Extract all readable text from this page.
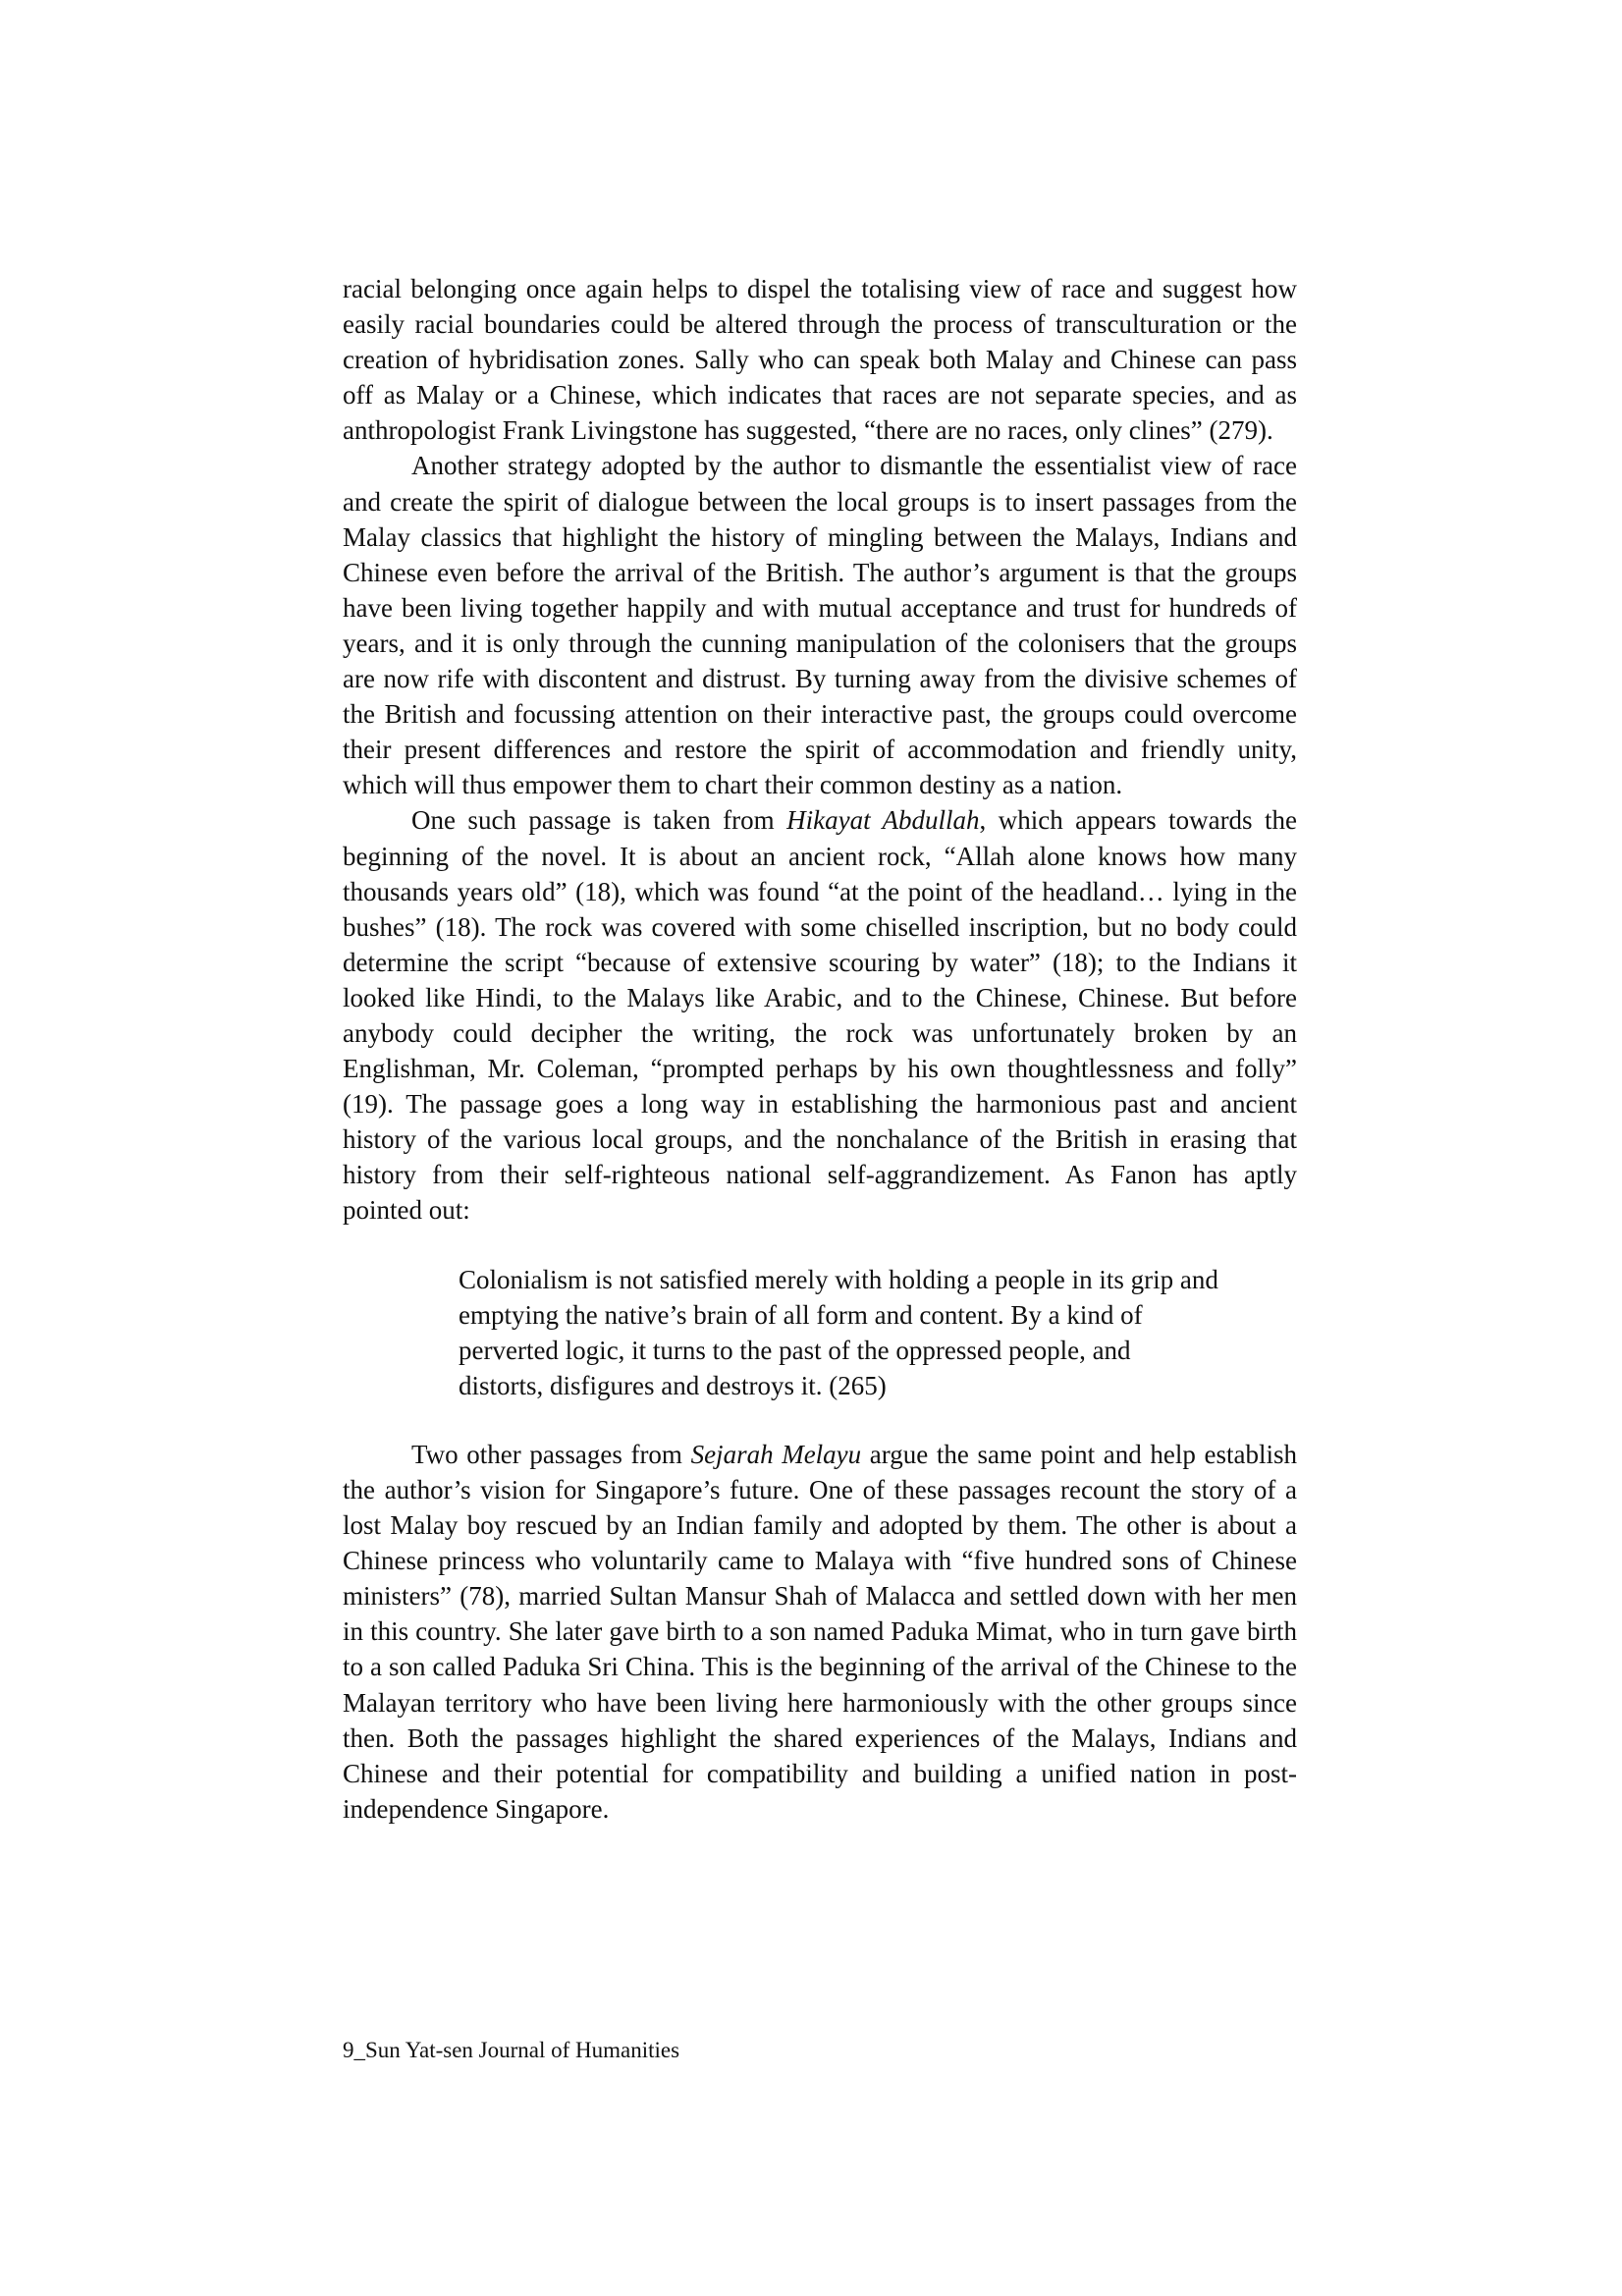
racial belonging once again helps to dispel the totalising view of race and suggest how easily racial boundaries could be altered through the process of transculturation or the creation of hybridisation zones. Sally who can speak both Malay and Chinese can pass off as Malay or a Chinese, which indicates that races are not separate species, and as anthropologist Frank Livingstone has suggested, “there are no races, only clines” (279).

Another strategy adopted by the author to dismantle the essentialist view of race and create the spirit of dialogue between the local groups is to insert passages from the Malay classics that highlight the history of mingling between the Malays, Indians and Chinese even before the arrival of the British. The author’s argument is that the groups have been living together happily and with mutual acceptance and trust for hundreds of years, and it is only through the cunning manipulation of the colonisers that the groups are now rife with discontent and distrust. By turning away from the divisive schemes of the British and focussing attention on their interactive past, the groups could overcome their present differences and restore the spirit of accommodation and friendly unity, which will thus empower them to chart their common destiny as a nation.

One such passage is taken from Hikayat Abdullah, which appears towards the beginning of the novel. It is about an ancient rock, “Allah alone knows how many thousands years old” (18), which was found “at the point of the headland… lying in the bushes” (18). The rock was covered with some chiselled inscription, but no body could determine the script “because of extensive scouring by water” (18); to the Indians it looked like Hindi, to the Malays like Arabic, and to the Chinese, Chinese. But before anybody could decipher the writing, the rock was unfortunately broken by an Englishman, Mr. Coleman, “prompted perhaps by his own thoughtlessness and folly” (19). The passage goes a long way in establishing the harmonious past and ancient history of the various local groups, and the nonchalance of the British in erasing that history from their self-righteous national self-aggrandizement. As Fanon has aptly pointed out:

Colonialism is not satisfied merely with holding a people in its grip and emptying the native’s brain of all form and content. By a kind of perverted logic, it turns to the past of the oppressed people, and distorts, disfigures and destroys it. (265)

Two other passages from Sejarah Melayu argue the same point and help establish the author’s vision for Singapore’s future. One of these passages recount the story of a lost Malay boy rescued by an Indian family and adopted by them. The other is about a Chinese princess who voluntarily came to Malaya with “five hundred sons of Chinese ministers” (78), married Sultan Mansur Shah of Malacca and settled down with her men in this country. She later gave birth to a son named Paduka Mimat, who in turn gave birth to a son called Paduka Sri China. This is the beginning of the arrival of the Chinese to the Malayan territory who have been living here harmoniously with the other groups since then. Both the passages highlight the shared experiences of the Malays, Indians and Chinese and their potential for compatibility and building a unified nation in post-independence Singapore.

9_Sun Yat-sen Journal of Humanities
